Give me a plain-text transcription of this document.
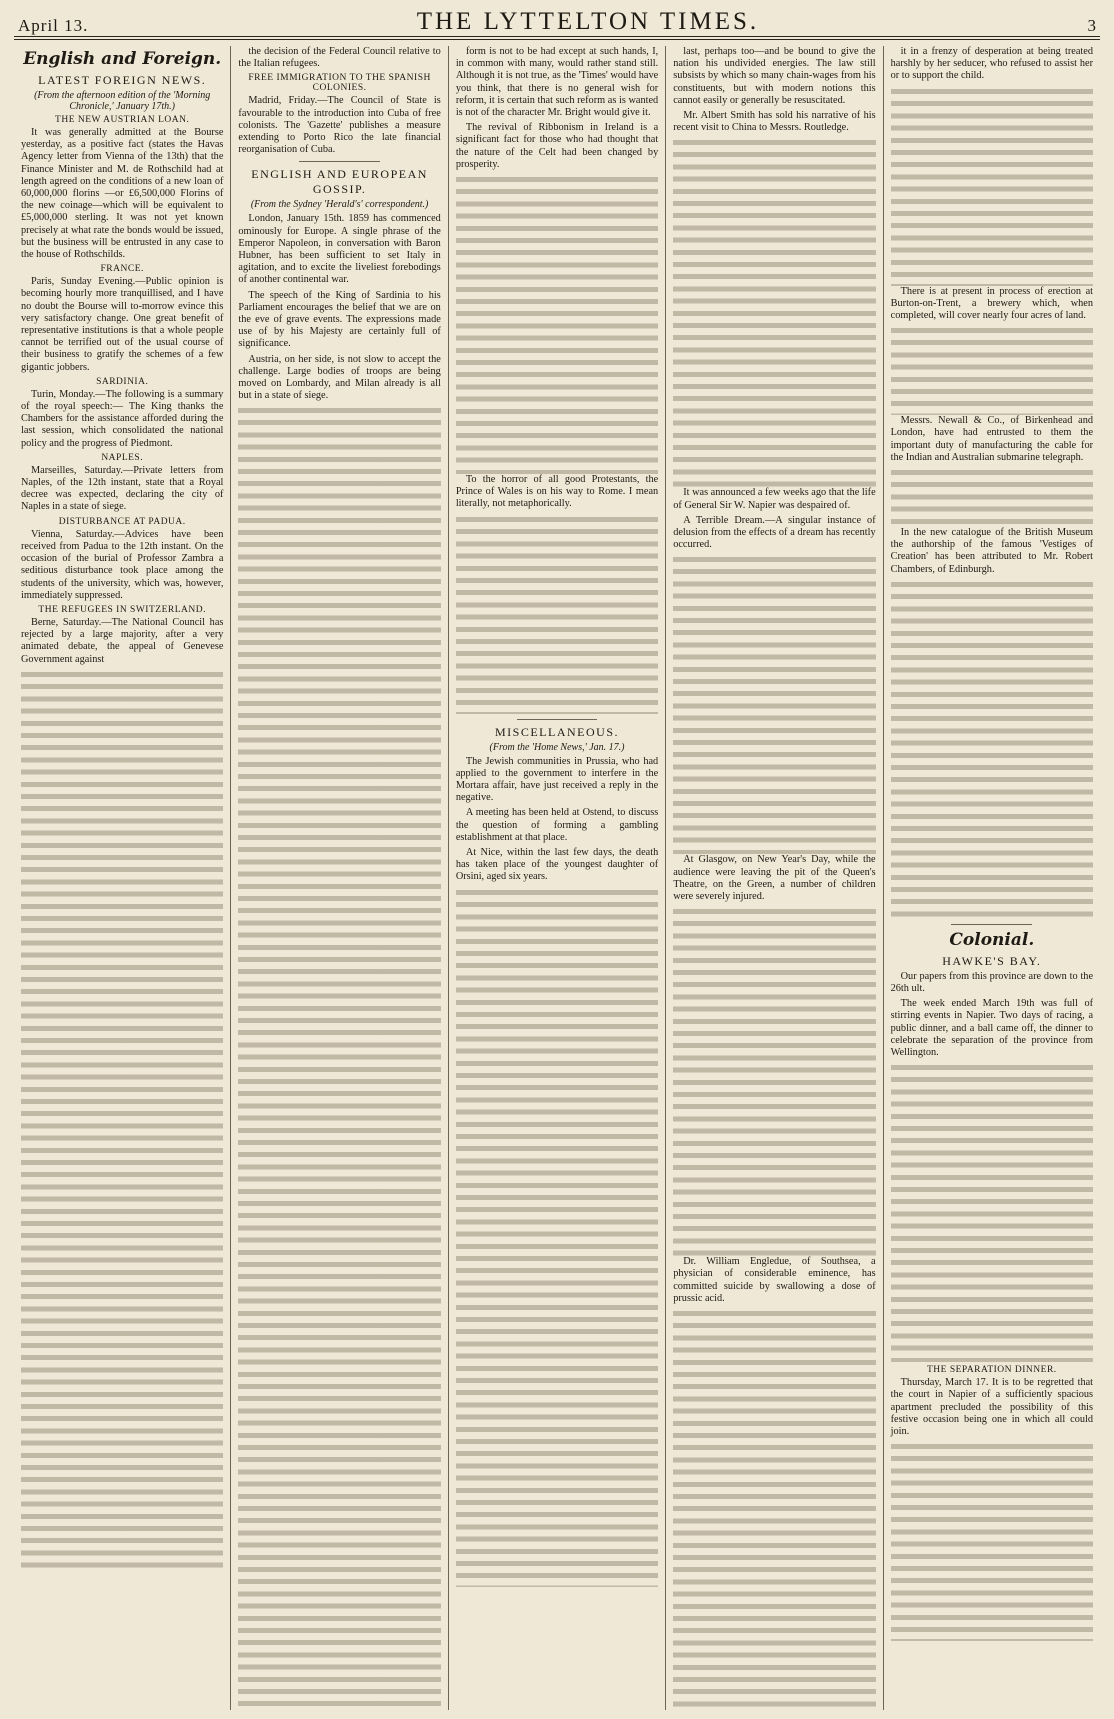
April 13.	THE LYTTELTON TIMES.	3
English and Foreign.
LATEST FOREIGN NEWS.
(From the afternoon edition of the 'Morning Chronicle,' January 17th.)
THE NEW AUSTRIAN LOAN.

It was generally admitted at the Bourse yesterday, as a positive fact (states the Havas Agency letter from Vienna of the 13th) that the Finance Minister and M. de Rothschild had at length agreed on the conditions of a new loan of 60,000,000 florins —or £6,500,000 Florins of the new coinage—which will be equivalent to £5,000,000 sterling. It was not yet known precisely at what rate the bonds would be issued, but the business will be entrusted in any case to the house of Rothschilds.

FRANCE.

Paris, Sunday Evening.—Public opinion is becoming hourly more tranquillised, and I have no doubt the Bourse will to-morrow evince this very satisfactory change. One great benefit of representative institutions is that a whole people cannot be terrified out of the usual course of their business to gratify the schemes of a few gigantic jobbers.

SARDINIA.

Turin, Monday.—The following is a summary of the royal speech:— The King thanks the Chambers for the assistance afforded during the last session, which consolidated the national policy and the progress of Piedmont.

NAPLES.

Marseilles, Saturday.—Private letters from Naples, of the 12th instant, state that a Royal decree was expected, declaring the city of Naples in a state of siege.

DISTURBANCE AT PADUA.

Vienna, Saturday.—Advices have been received from Padua to the 12th instant. On the occasion of the burial of Professor Zambra a seditious disturbance took place among the students of the university, which was, however, immediately suppressed.

THE REFUGEES IN SWITZERLAND.

Berne, Saturday.—The National Council has rejected by a large majority, after a very animated debate, the appeal of Genevese Government against

the decision of the Federal Council relative to the Italian refugees.

FREE IMMIGRATION TO THE SPANISH COLONIES.

Madrid, Friday.—The Council of State is favourable to the introduction into Cuba of free colonists. The 'Gazette' publishes a measure extending to Porto Rico the late financial reorganisation of Cuba.

ENGLISH AND EUROPEAN GOSSIP.
(From the Sydney 'Herald's' correspondent.)

London, January 15th. 1859 has commenced ominously for Europe. A single phrase of the Emperor Napoleon, in conversation with Baron Hubner, has been sufficient to set Italy in agitation, and to excite the liveliest forebodings of another continental war.

The speech of the King of Sardinia to his Parliament encourages the belief that we are on the eve of grave events. The expressions made use of by his Majesty are certainly full of significance.

Austria, on her side, is not slow to accept the challenge. Large bodies of troops are being moved on Lombardy, and Milan already is all but in a state of siege.

form is not to be had except at such hands, I, in common with many, would rather stand still. Although it is not true, as the 'Times' would have you think, that there is no general wish for reform, it is certain that such reform as is wanted is not of the character Mr. Bright would give it.

The revival of Ribbonism in Ireland is a significant fact for those who had thought that the nature of the Celt had been changed by prosperity.

To the horror of all good Protestants, the Prince of Wales is on his way to Rome. I mean literally, not metaphorically.

MISCELLANEOUS.
(From the 'Home News,' Jan. 17.)

The Jewish communities in Prussia, who had applied to the government to interfere in the Mortara affair, have just received a reply in the negative.

A meeting has been held at Ostend, to discuss the question of forming a gambling establishment at that place.

At Nice, within the last few days, the death has taken place of the youngest daughter of Orsini, aged six years.

last, perhaps too—and be bound to give the nation his undivided energies. The law still subsists by which so many chain-wages from his constituents, but with modern notions this cannot easily or generally be resuscitated.

Mr. Albert Smith has sold his narrative of his recent visit to China to Messrs. Routledge.

It was announced a few weeks ago that the life of General Sir W. Napier was despaired of.

A Terrible Dream.—A singular instance of delusion from the effects of a dream has recently occurred.

At Glasgow, on New Year's Day, while the audience were leaving the pit of the Queen's Theatre, on the Green, a number of children were severely injured.

Dr. William Engledue, of Southsea, a physician of considerable eminence, has committed suicide by swallowing a dose of prussic acid.

it in a frenzy of desperation at being treated harshly by her seducer, who refused to assist her or to support the child.

There is at present in process of erection at Burton-on-Trent, a brewery which, when completed, will cover nearly four acres of land.

Messrs. Newall & Co., of Birkenhead and London, have had entrusted to them the important duty of manufacturing the cable for the Indian and Australian submarine telegraph.

In the new catalogue of the British Museum the authorship of the famous 'Vestiges of Creation' has been attributed to Mr. Robert Chambers, of Edinburgh.

Colonial.
HAWKE'S BAY.

Our papers from this province are down to the 26th ult.

The week ended March 19th was full of stirring events in Napier. Two days of racing, a public dinner, and a ball came off, the dinner to celebrate the separation of the province from Wellington.

THE SEPARATION DINNER.

Thursday, March 17. It is to be regretted that the court in Napier of a sufficiently spacious apartment precluded the possibility of this festive occasion being one in which all could join.
